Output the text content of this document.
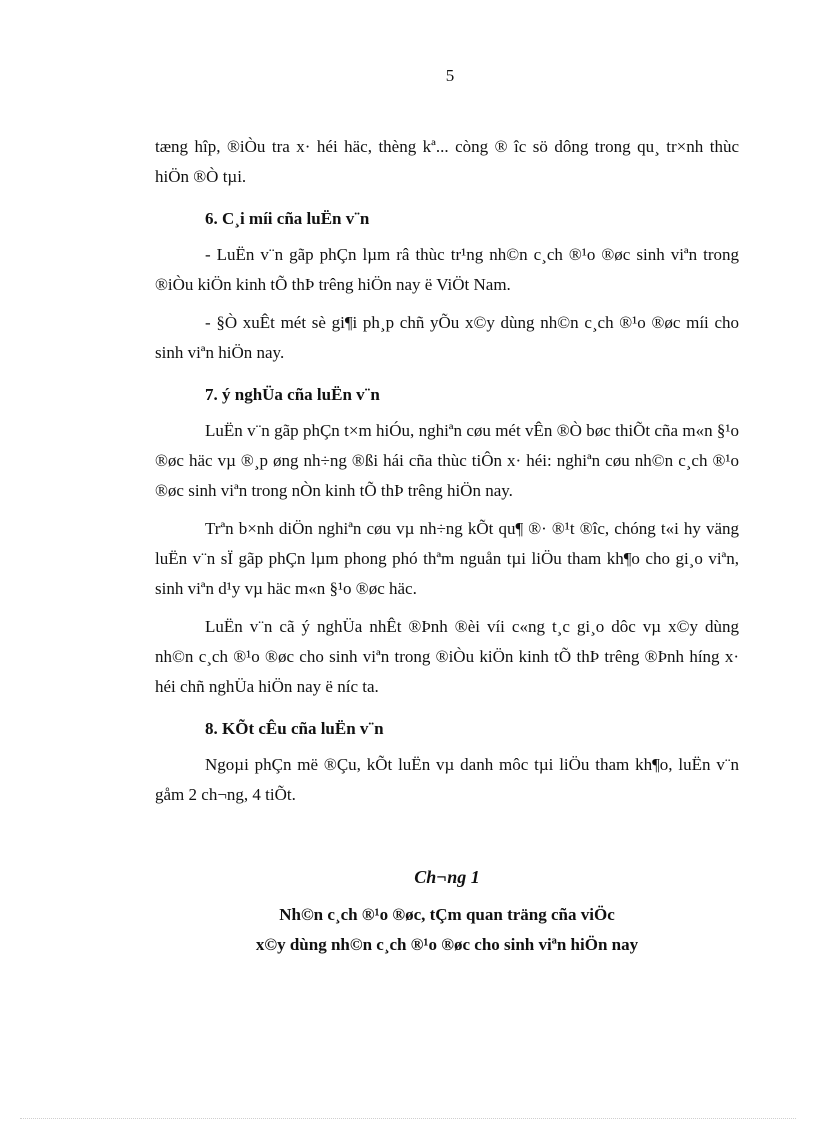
5

tæng hîp, ®iÒu tra x· héi häc, thèng kª... còng ® îc sö dông trong qu¸ tr×nh thùc hiÖn ®Ò tµi.

6. C¸i míi cña luËn v¨n

- LuËn v¨n gãp phÇn lµm râ thùc tr¹ng nh©n c¸ch ®¹o ®øc sinh viªn trong ®iÒu kiÖn kinh tÕ thÞ trêng hiÖn nay ë ViÖt Nam.

- §Ò xuÊt mét sè gi¶i ph¸p chñ yÕu x©y dùng nh©n c¸ch ®¹o ®øc míi cho sinh viªn hiÖn nay.

7. ý nghÜa cña luËn v¨n

LuËn v¨n gãp phÇn t×m hiÓu, nghiªn cøu mét vÊn ®Ò bøc thiÕt cña m«n §¹o ®øc häc vµ ®¸p øng nh÷ng ®ßi hái cña thùc tiÔn x· héi: nghiªn cøu nh©n c¸ch ®¹o ®øc sinh viªn trong nÒn kinh tÕ thÞ trêng hiÖn nay.

Trªn b×nh diÖn nghiªn cøu vµ nh÷ng kÕt qu¶ ®· ®¹t ®îc, chóng t«i hy väng luËn v¨n sÏ gãp phÇn lµm phong phó thªm nguån tµi liÖu tham kh¶o cho gi¸o viªn, sinh viªn d¹y vµ häc m«n §¹o ®øc häc.

LuËn v¨n cã ý nghÜa nhÊt ®Þnh ®èi víi c«ng t¸c gi¸o dôc vµ x©y dùng nh©n c¸ch ®¹o ®øc cho sinh viªn trong ®iÒu kiÖn kinh tÕ thÞ trêng ®Þnh híng x· héi chñ nghÜa hiÖn nay ë níc ta.

8. KÕt cÊu cña luËn v¨n

Ngoµi phÇn më ®Çu, kÕt luËn vµ danh môc tµi liÖu tham kh¶o, luËn v¨n gåm 2 ch¬ng, 4 tiÕt.

Ch¬ng 1
Nh©n c¸ch ®¹o ®øc, tÇm quan träng cña viÖc
x©y dùng nh©n c¸ch ®¹o ®øc cho sinh viªn hiÖn nay
